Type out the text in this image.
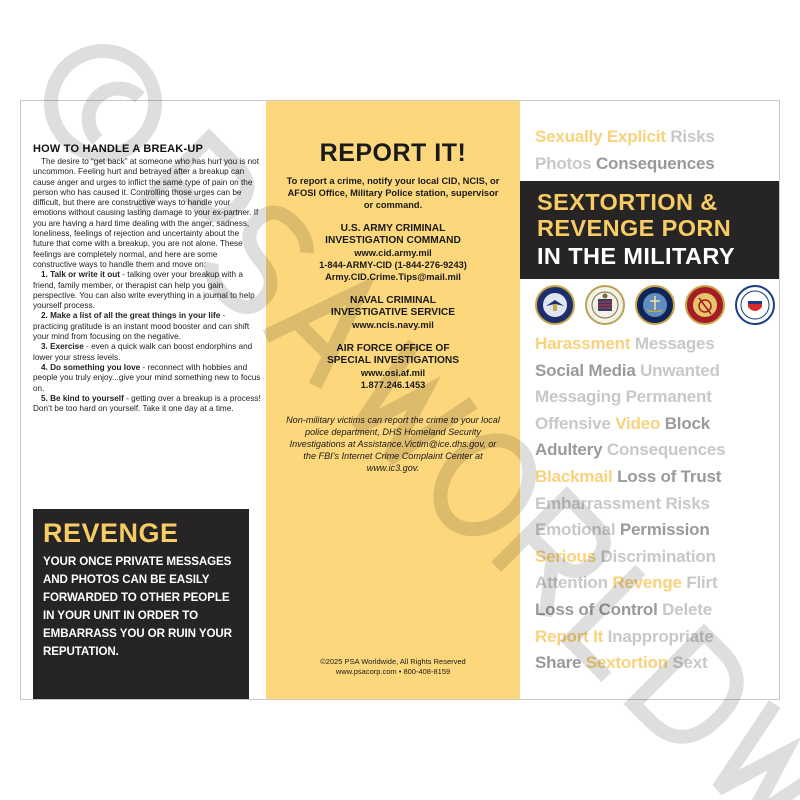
HOW TO HANDLE A BREAK-UP

The desire to “get back” at someone who has hurt you is not uncommon. Feeling hurt and betrayed after a breakup can cause anger and urges to inflict the same type of pain on the person who has caused it. Controlling those urges can be difficult, but there are constructive ways to handle your emotions without causing lasting damage to your ex-partner. If you are having a hard time dealing with the anger, sadness, loneliness, feelings of rejection and uncertainty about the future that come with a breakup, you are not alone. These feelings are completely normal, and here are some constructive ways to handle them and move on:

1. Talk or write it out - talking over your breakup with a friend, family member, or therapist can help you gain perspective. You can also write everything in a journal to help yourself process.
2. Make a list of all the great things in your life - practicing gratitude is an instant mood booster and can shift your mind from focusing on the negative.
3. Exercise - even a quick walk can boost endorphins and lower your stress levels.
4. Do something you love - reconnect with hobbies and people you truly enjoy...give your mind something new to focus on.
5. Be kind to yourself - getting over a breakup is a process! Don’t be too hard on yourself. Take it one day at a time.
REVENGE

YOUR ONCE PRIVATE MESSAGES AND PHOTOS CAN BE EASILY FORWARDED TO OTHER PEOPLE IN YOUR UNIT IN ORDER TO EMBARRASS YOU OR RUIN YOUR REPUTATION.

REPORT IT!
To report a crime, notify your local CID, NCIS, or AFOSI Office, Military Police station, supervisor or command.
U.S. ARMY CRIMINAL
INVESTIGATION COMMAND
www.cid.army.mil
1-844-ARMY-CID (1-844-276-9243)
Army.CID.Crime.Tips@mail.mil
NAVAL CRIMINAL
INVESTIGATIVE SERVICE
www.ncis.navy.mil
AIR FORCE OFFICE OF
SPECIAL INVESTIGATIONS
www.osi.af.mil
1.877.246.1453
Non-military victims can report the crime to your local police department, DHS Homeland Security Investigations at Assistance.Victim@ice.dhs.gov, or the FBI’s Internet Crime Complaint Center at www.ic3.gov.
©2025 PSA Worldwide, All Rights Reserved
www.psacorp.com • 800-408-8159
Sexually Explicit Risks
Photos Consequences
SEXTORTION &
REVENGE PORN
IN THE MILITARY
Harassment Messages
Social Media Unwanted
Messaging Permanent
Offensive Video Block
Adultery Consequences
Blackmail Loss of Trust
Embarrassment Risks
Emotional Permission
Serious Discrimination
Attention Revenge Flirt
Loss of Control Delete
Report It Inappropriate
Share Sextortion Sext
